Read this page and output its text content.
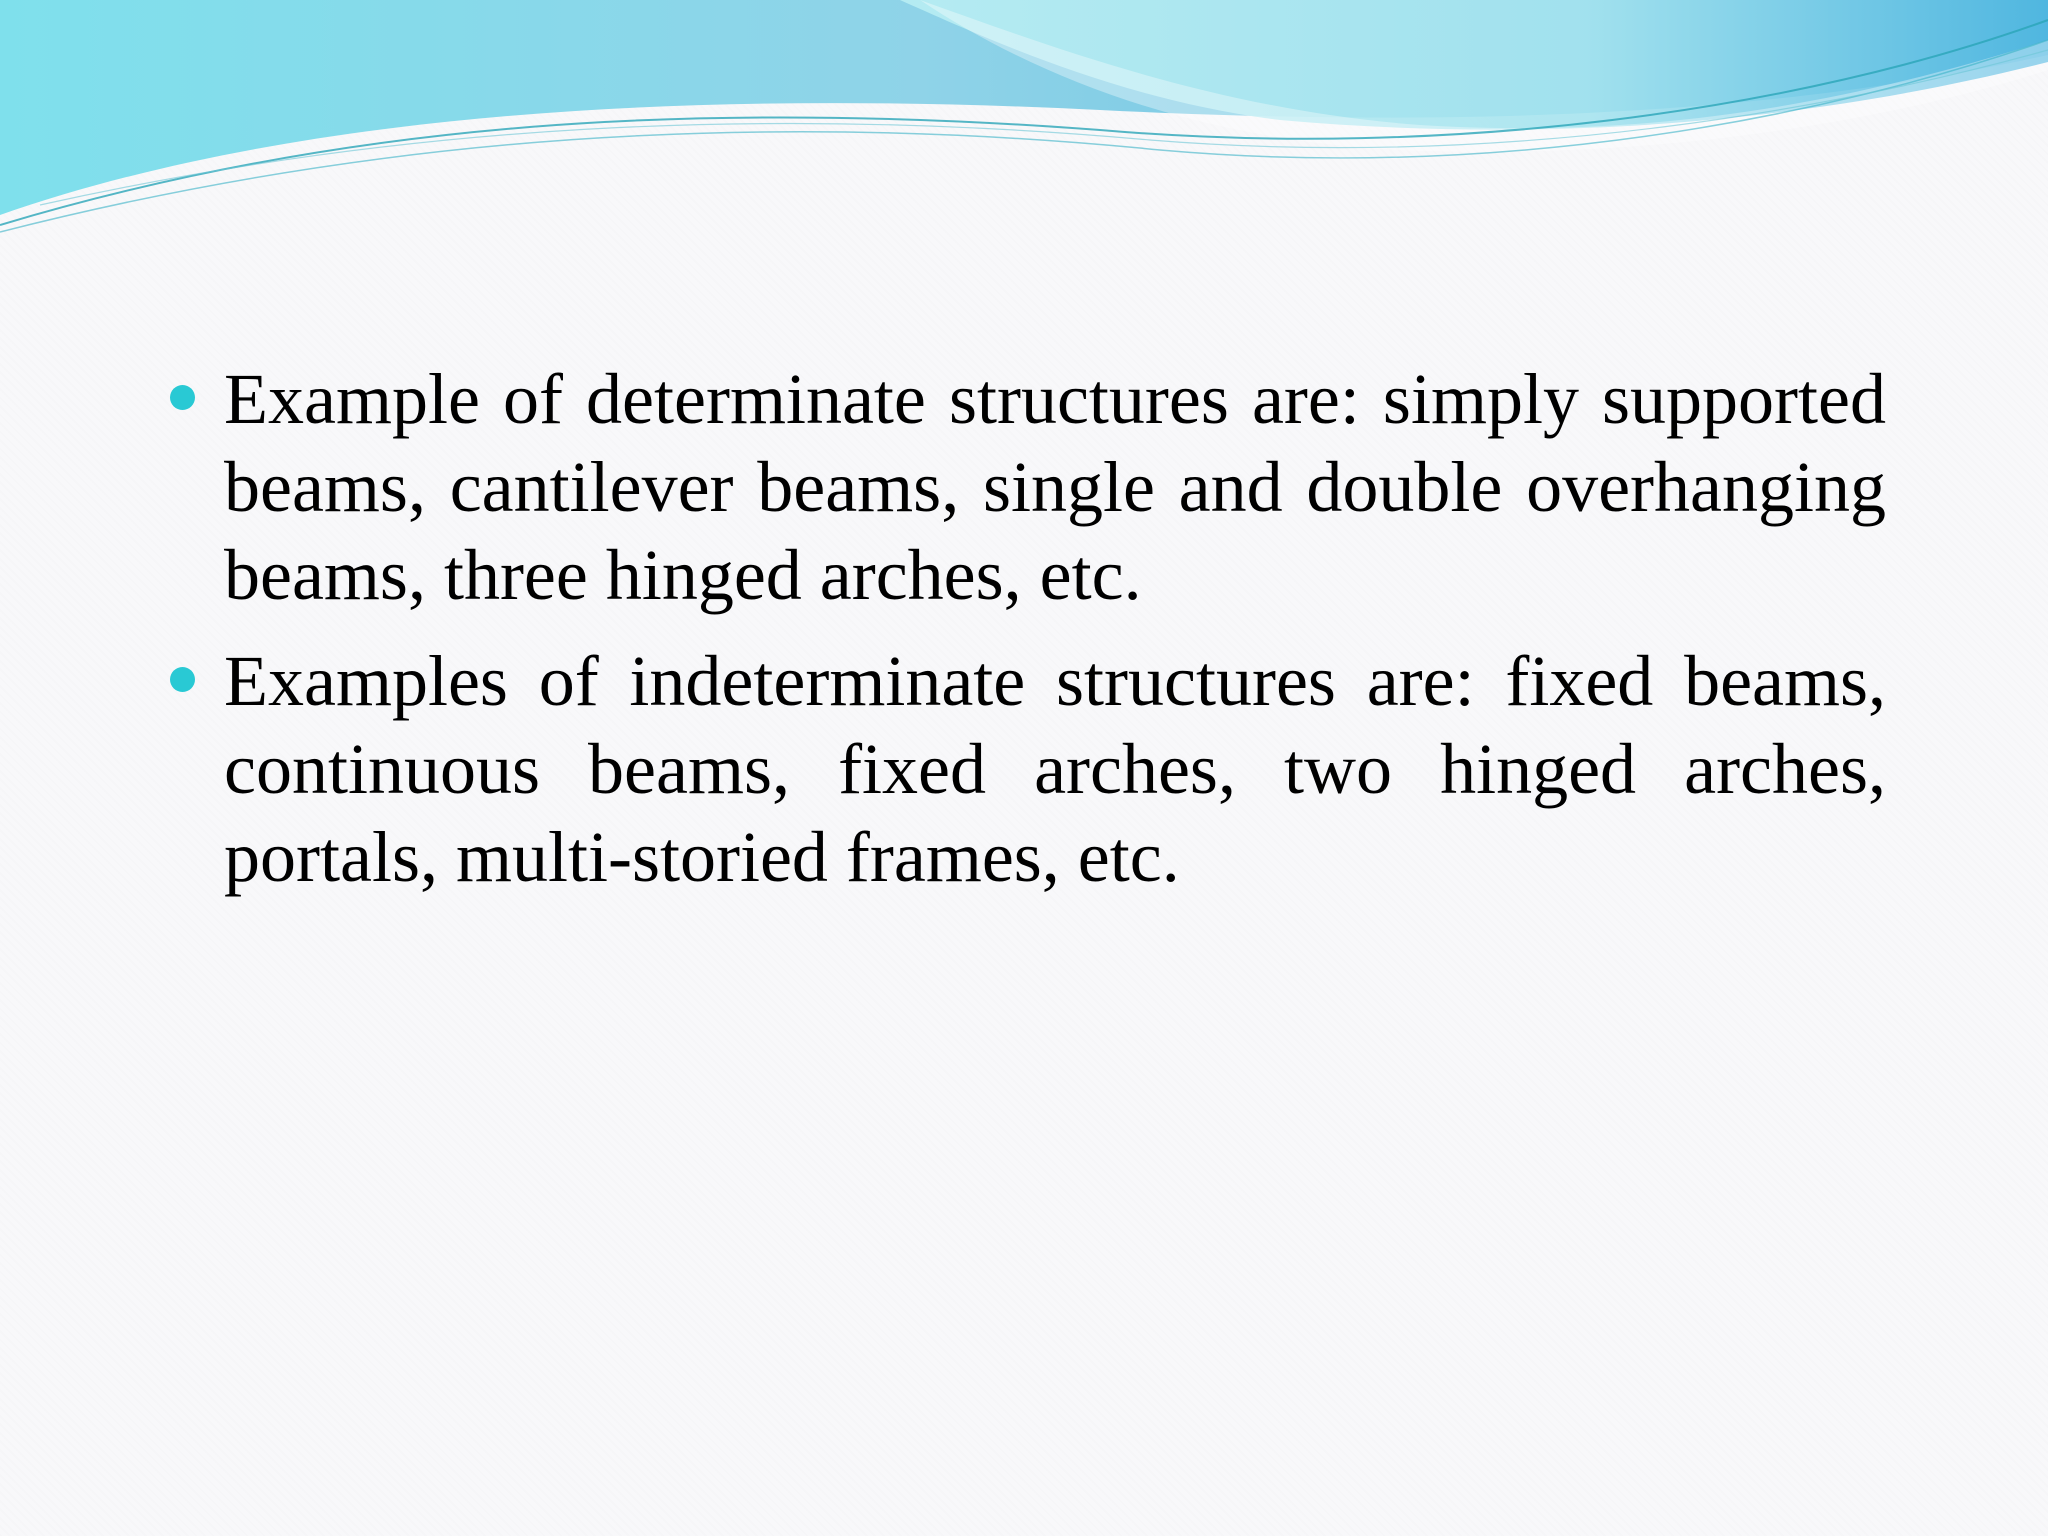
Example of determinate structures are: simply supported beams, cantilever beams, single and double overhanging beams, three hinged arches, etc.
Examples of indeterminate structures are: fixed beams, continuous beams, fixed arches, two hinged arches, portals, multi-storied frames, etc.
